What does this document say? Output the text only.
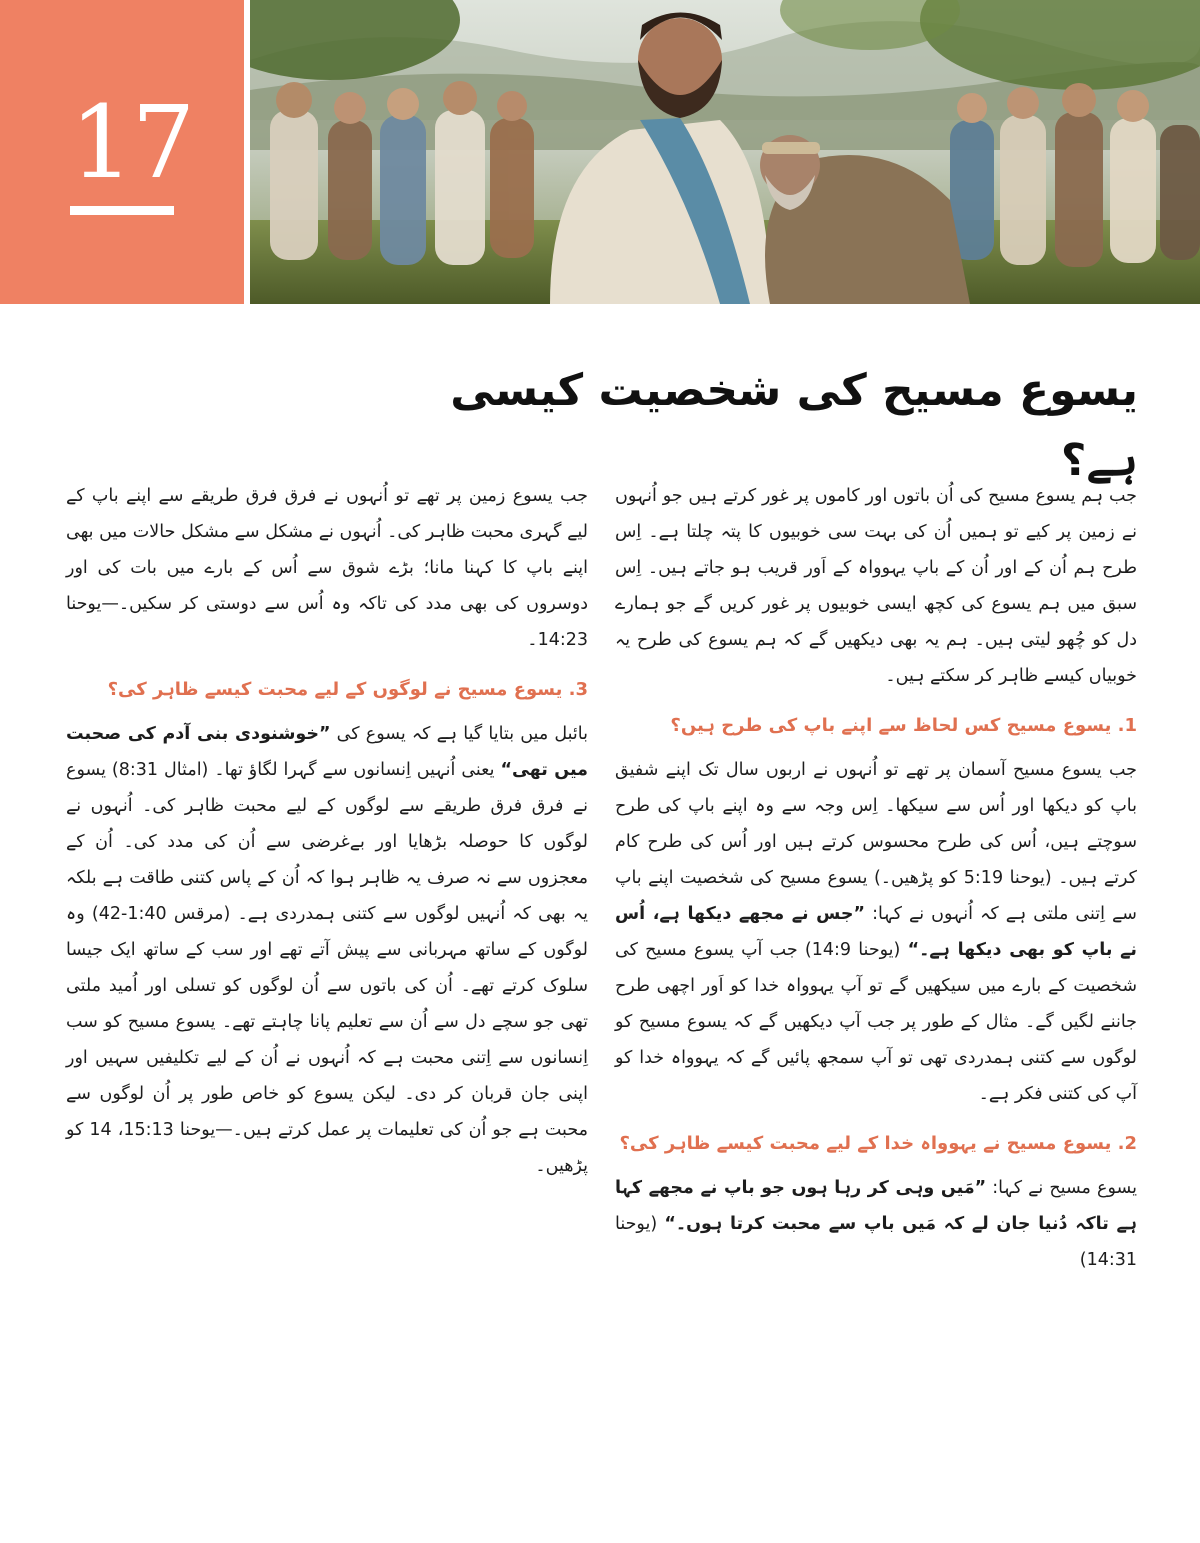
17
یسوع مسیح کی شخصیت کیسی ہے؟

جب ہم یسوع مسیح کی اُن باتوں اور کاموں پر غور کرتے ہیں جو اُنہوں نے زمین پر کیے تو ہمیں اُن کی بہت سی خوبیوں کا پتہ چلتا ہے۔ اِس طرح ہم اُن کے اور اُن کے باپ یہوواہ کے اَور قریب ہو جاتے ہیں۔ اِس سبق میں ہم یسوع کی کچھ ایسی خوبیوں پر غور کریں گے جو ہمارے دل کو چُھو لیتی ہیں۔ ہم یہ بھی دیکھیں گے کہ ہم یسوع کی طرح یہ خوبیاں کیسے ظاہر کر سکتے ہیں۔

1. یسوع مسیح کس لحاظ سے اپنے باپ کی طرح ہیں؟

جب یسوع مسیح آسمان پر تھے تو اُنہوں نے اربوں سال تک اپنے شفیق باپ کو دیکھا اور اُس سے سیکھا۔ اِس وجہ سے وہ اپنے باپ کی طرح سوچتے ہیں، اُس کی طرح محسوس کرتے ہیں اور اُس کی طرح کام کرتے ہیں۔ (یوحنا 5:19 کو پڑھیں۔) یسوع مسیح کی شخصیت اپنے باپ سے اِتنی ملتی ہے کہ اُنہوں نے کہا: ”جس نے مجھے دیکھا ہے، اُس نے باپ کو بھی دیکھا ہے۔“ (یوحنا 14:9) جب آپ یسوع مسیح کی شخصیت کے بارے میں سیکھیں گے تو آپ یہوواہ خدا کو اَور اچھی طرح جاننے لگیں گے۔ مثال کے طور پر جب آپ دیکھیں گے کہ یسوع مسیح کو لوگوں سے کتنی ہمدردی تھی تو آپ سمجھ پائیں گے کہ یہوواہ خدا کو آپ کی کتنی فکر ہے۔

2. یسوع مسیح نے یہوواہ خدا کے لیے محبت کیسے ظاہر کی؟

یسوع مسیح نے کہا: ”مَیں وہی کر رہا ہوں جو باپ نے مجھے کہا ہے تاکہ دُنیا جان لے کہ مَیں باپ سے محبت کرتا ہوں۔“ (یوحنا 14:31)

جب یسوع زمین پر تھے تو اُنہوں نے فرق فرق طریقے سے اپنے باپ کے لیے گہری محبت ظاہر کی۔ اُنہوں نے مشکل سے مشکل حالات میں بھی اپنے باپ کا کہنا مانا؛ بڑے شوق سے اُس کے بارے میں بات کی اور دوسروں کی بھی مدد کی تاکہ وہ اُس سے دوستی کر سکیں۔—یوحنا 14:23۔

3. یسوع مسیح نے لوگوں کے لیے محبت کیسے ظاہر کی؟

بائبل میں بتایا گیا ہے کہ یسوع کی ”خوشنودی بنی آدم کی صحبت میں تھی“ یعنی اُنہیں اِنسانوں سے گہرا لگاؤ تھا۔ (امثال 8:31) یسوع نے فرق فرق طریقے سے لوگوں کے لیے محبت ظاہر کی۔ اُنہوں نے لوگوں کا حوصلہ بڑھایا اور بےغرضی سے اُن کی مدد کی۔ اُن کے معجزوں سے نہ صرف یہ ظاہر ہوا کہ اُن کے پاس کتنی طاقت ہے بلکہ یہ بھی کہ اُنہیں لوگوں سے کتنی ہمدردی ہے۔ (مرقس 1:40-42) وہ لوگوں کے ساتھ مہربانی سے پیش آتے تھے اور سب کے ساتھ ایک جیسا سلوک کرتے تھے۔ اُن کی باتوں سے اُن لوگوں کو تسلی اور اُمید ملتی تھی جو سچے دل سے اُن سے تعلیم پانا چاہتے تھے۔ یسوع مسیح کو سب اِنسانوں سے اِتنی محبت ہے کہ اُنہوں نے اُن کے لیے تکلیفیں سہیں اور اپنی جان قربان کر دی۔ لیکن یسوع کو خاص طور پر اُن لوگوں سے محبت ہے جو اُن کی تعلیمات پر عمل کرتے ہیں۔—یوحنا 15:13، 14 کو پڑھیں۔
